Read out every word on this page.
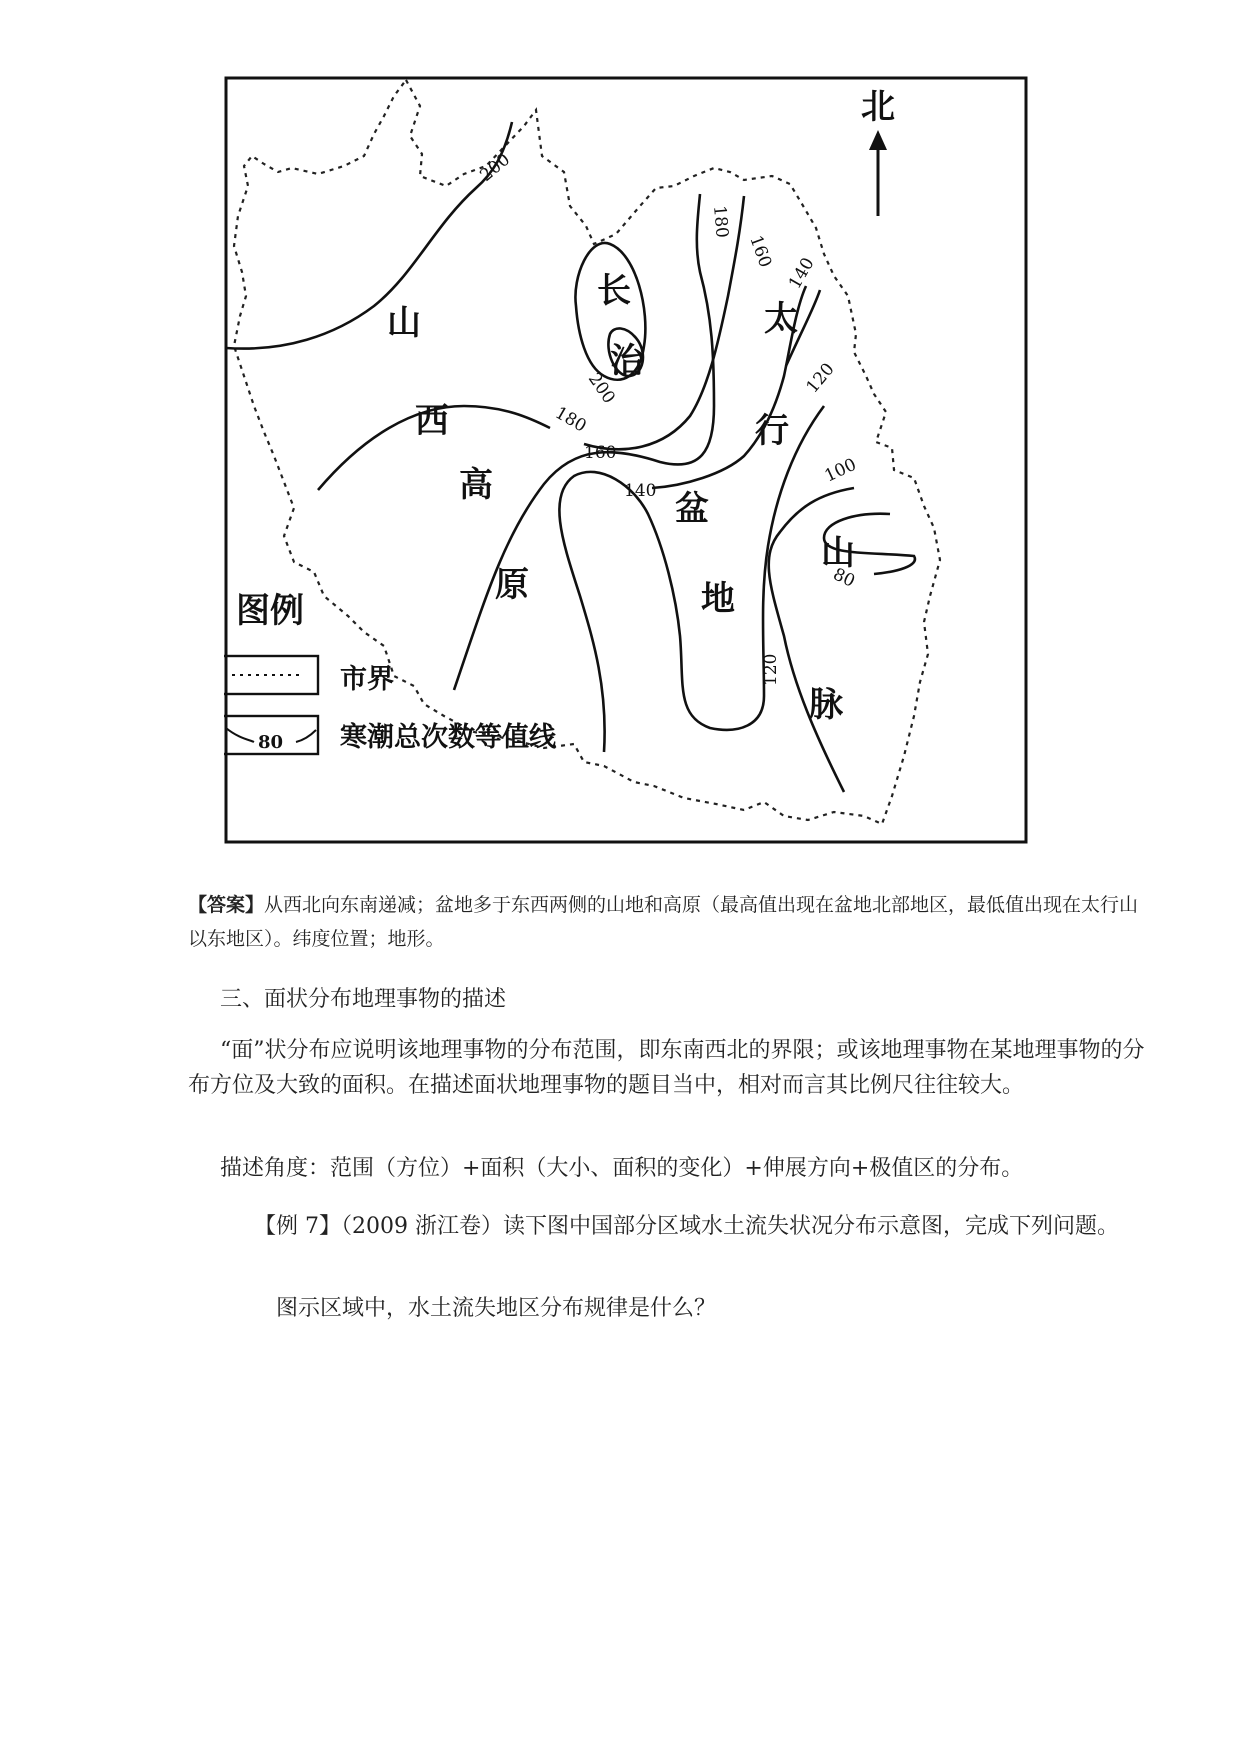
山
西
高
原
长
治
太
行
山
脉
盆
地
200
180
160
140
200
180
160
140
120
100
80
120
北
图例
市界
80 寒潮总次数等值线

【答案】从西北向东南递减；盆地多于东西两侧的山地和高原（最高值出现在盆地北部地区，最低值出现在太行山以东地区）。纬度位置；地形。

三、面状分布地理事物的描述

“面”状分布应说明该地理事物的分布范围，即东南西北的界限；或该地理事物在某地理事物的分布方位及大致的面积。在描述面状地理事物的题目当中，相对而言其比例尺往往较大。

描述角度：范围（方位）+面积（大小、面积的变化）+伸展方向+极值区的分布。

【例 7】（2009 浙江卷）读下图中国部分区域水土流失状况分布示意图，完成下列问题。

图示区域中，水土流失地区分布规律是什么？
